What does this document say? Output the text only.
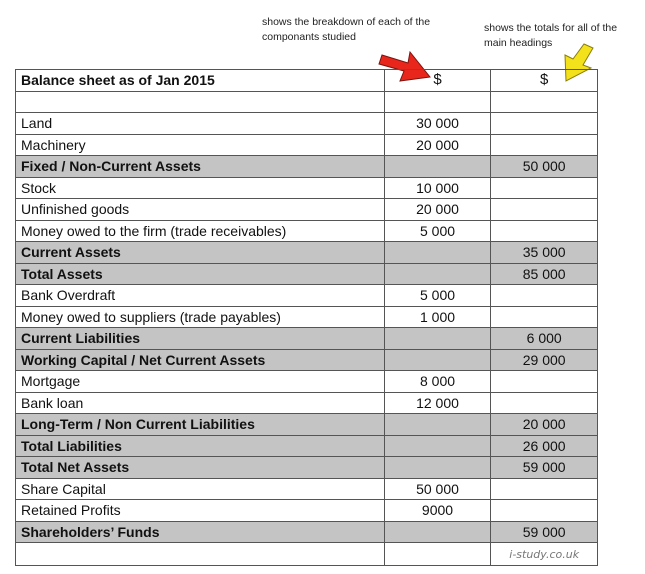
shows the breakdown of each of the componants studied
shows the totals for all of the main headings
Balance sheet as of Jan 2015	$	$

Land	30 000	
Machinery	20 000	
Fixed / Non-Current Assets		50 000
Stock	10 000	
Unfinished goods	20 000	
Money owed to the firm (trade receivables)	5 000	
Current Assets		35 000
Total Assets		85 000
Bank Overdraft	5 000	
Money owed to suppliers (trade payables)	1 000	
Current Liabilities		6 000
Working Capital / Net Current Assets		29 000
Mortgage	8 000	
Bank loan	12 000	
Long-Term / Non Current Liabilities		20 000
Total Liabilities		26 000
Total Net Assets		59 000
Share Capital	50 000	
Retained Profits	9000	
Shareholders’ Funds		59 000
		i-study.co.uk
